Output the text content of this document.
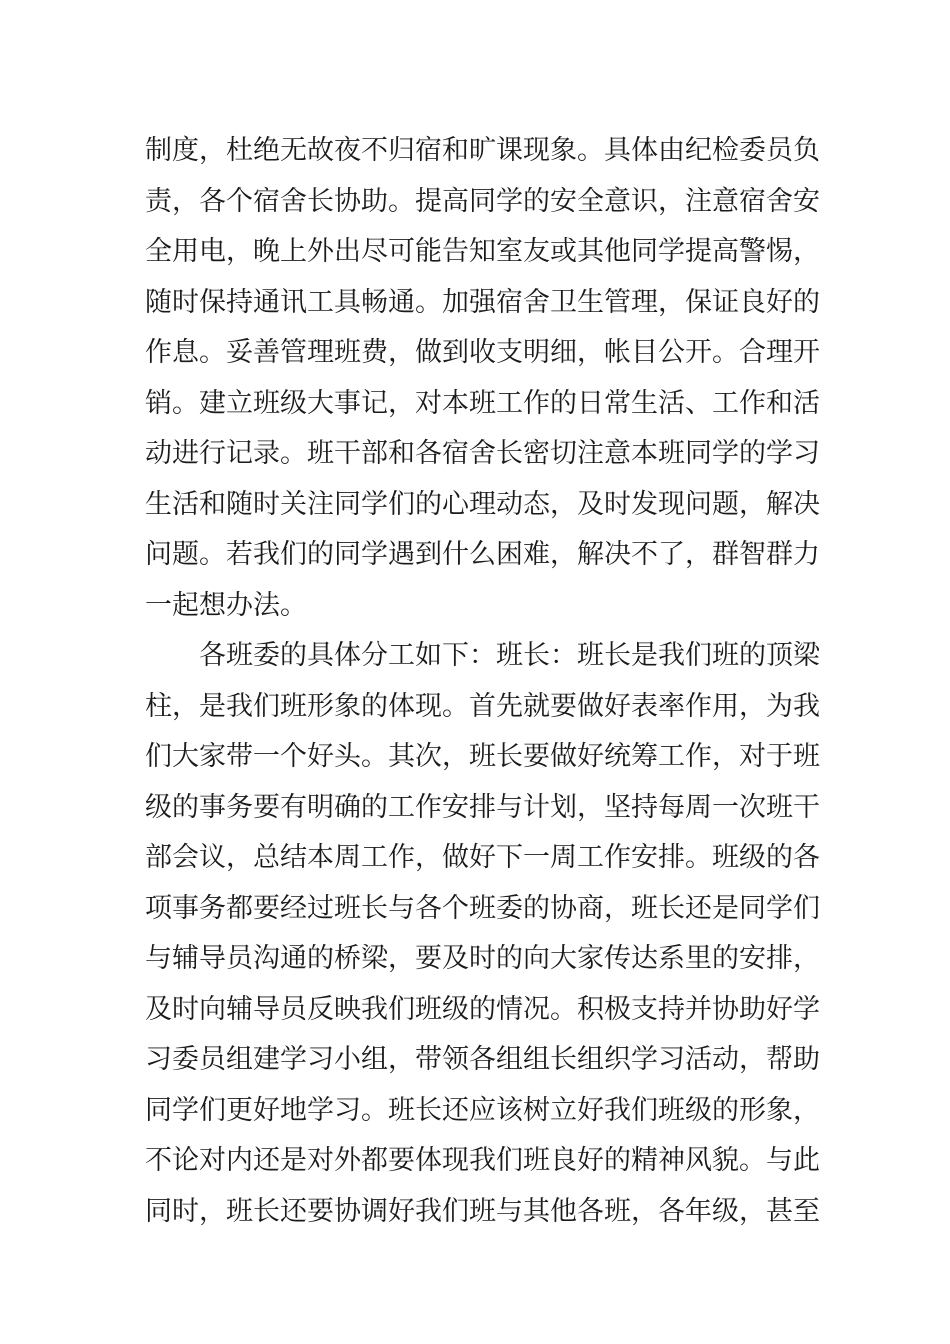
制度，杜绝无故夜不归宿和旷课现象。具体由纪检委员负
责，各个宿舍长协助。提高同学的安全意识，注意宿舍安
全用电，晚上外出尽可能告知室友或其他同学提高警惕，
随时保持通讯工具畅通。加强宿舍卫生管理，保证良好的
作息。妥善管理班费，做到收支明细，帐目公开。合理开
销。建立班级大事记，对本班工作的日常生活、工作和活
动进行记录。班干部和各宿舍长密切注意本班同学的学习
生活和随时关注同学们的心理动态，及时发现问题，解决
问题。若我们的同学遇到什么困难，解决不了，群智群力
一起想办法。
各班委的具体分工如下：班长：班长是我们班的顶梁
柱，是我们班形象的体现。首先就要做好表率作用，为我
们大家带一个好头。其次，班长要做好统筹工作，对于班
级的事务要有明确的工作安排与计划，坚持每周一次班干
部会议，总结本周工作，做好下一周工作安排。班级的各
项事务都要经过班长与各个班委的协商，班长还是同学们
与辅导员沟通的桥梁，要及时的向大家传达系里的安排，
及时向辅导员反映我们班级的情况。积极支持并协助好学
习委员组建学习小组，带领各组组长组织学习活动，帮助
同学们更好地学习。班长还应该树立好我们班级的形象，
不论对内还是对外都要体现我们班良好的精神风貌。与此
同时，班长还要协调好我们班与其他各班，各年级，甚至
